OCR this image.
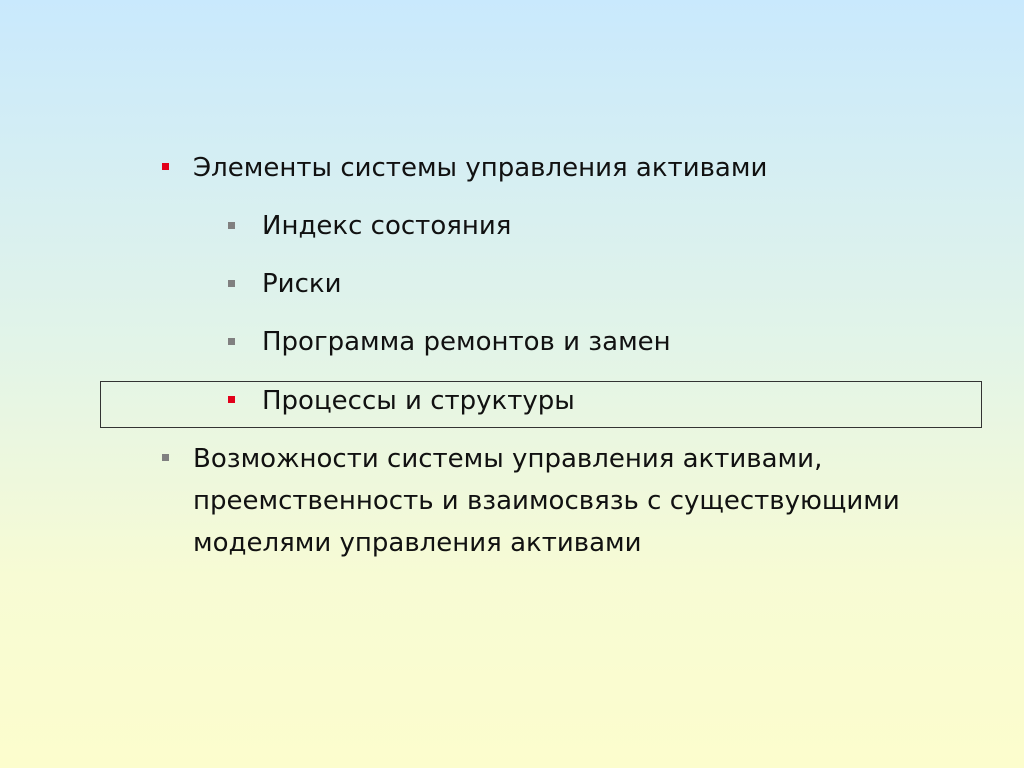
Элементы системы управления активами
Индекс состояния
Риски
Программа ремонтов и замен
Процессы и структуры
Возможности системы управления активами,
преемственность и взаимосвязь с существующими
моделями управления активами
